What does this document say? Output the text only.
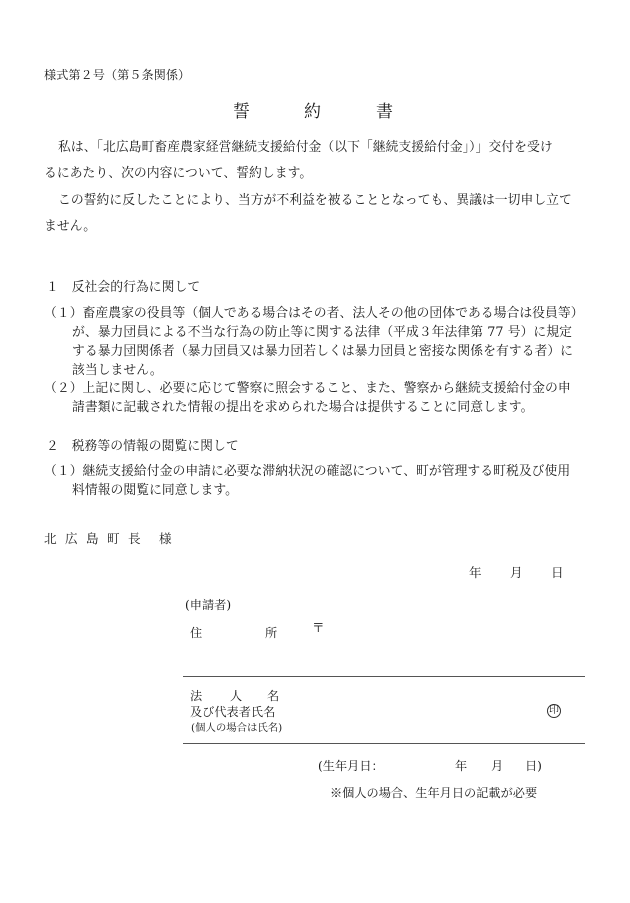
様式第２号（第５条関係）
誓	約	書
私は、「北広島町畜産農家経営継続支援給付金（以下「継続支援給付金」）」交付を受け
るにあたり、次の内容について、誓約します。
この誓約に反したことにより、当方が不利益を被ることとなっても、異議は一切申し立て
ません。
１　反社会的行為に関して
（１）畜産農家の役員等（個人である場合はその者、法人その他の団体である場合は役員等）
が、暴力団員による不当な行為の防止等に関する法律（平成３年法律第 77 号）に規定
する暴力団関係者（暴力団員又は暴力団若しくは暴力団員と密接な関係を有する者）に
該当しません。
（２）上記に関し、必要に応じて警察に照会すること、また、警察から継続支援給付金の申
請書類に記載された情報の提出を求められた場合は提供することに同意します。
２　税務等の情報の閲覧に関して
（１）継続支援給付金の申請に必要な滞納状況の確認について、町が管理する町税及び使用
料情報の閲覧に同意します。
北 広 島 町 長 様
年 月 日
(申請者)
住	所	〒
法 人 名
及び代表者氏名
(個人の場合は氏名)
印
(生年月日：	年 月 日)
※個人の場合、生年月日の記載が必要
